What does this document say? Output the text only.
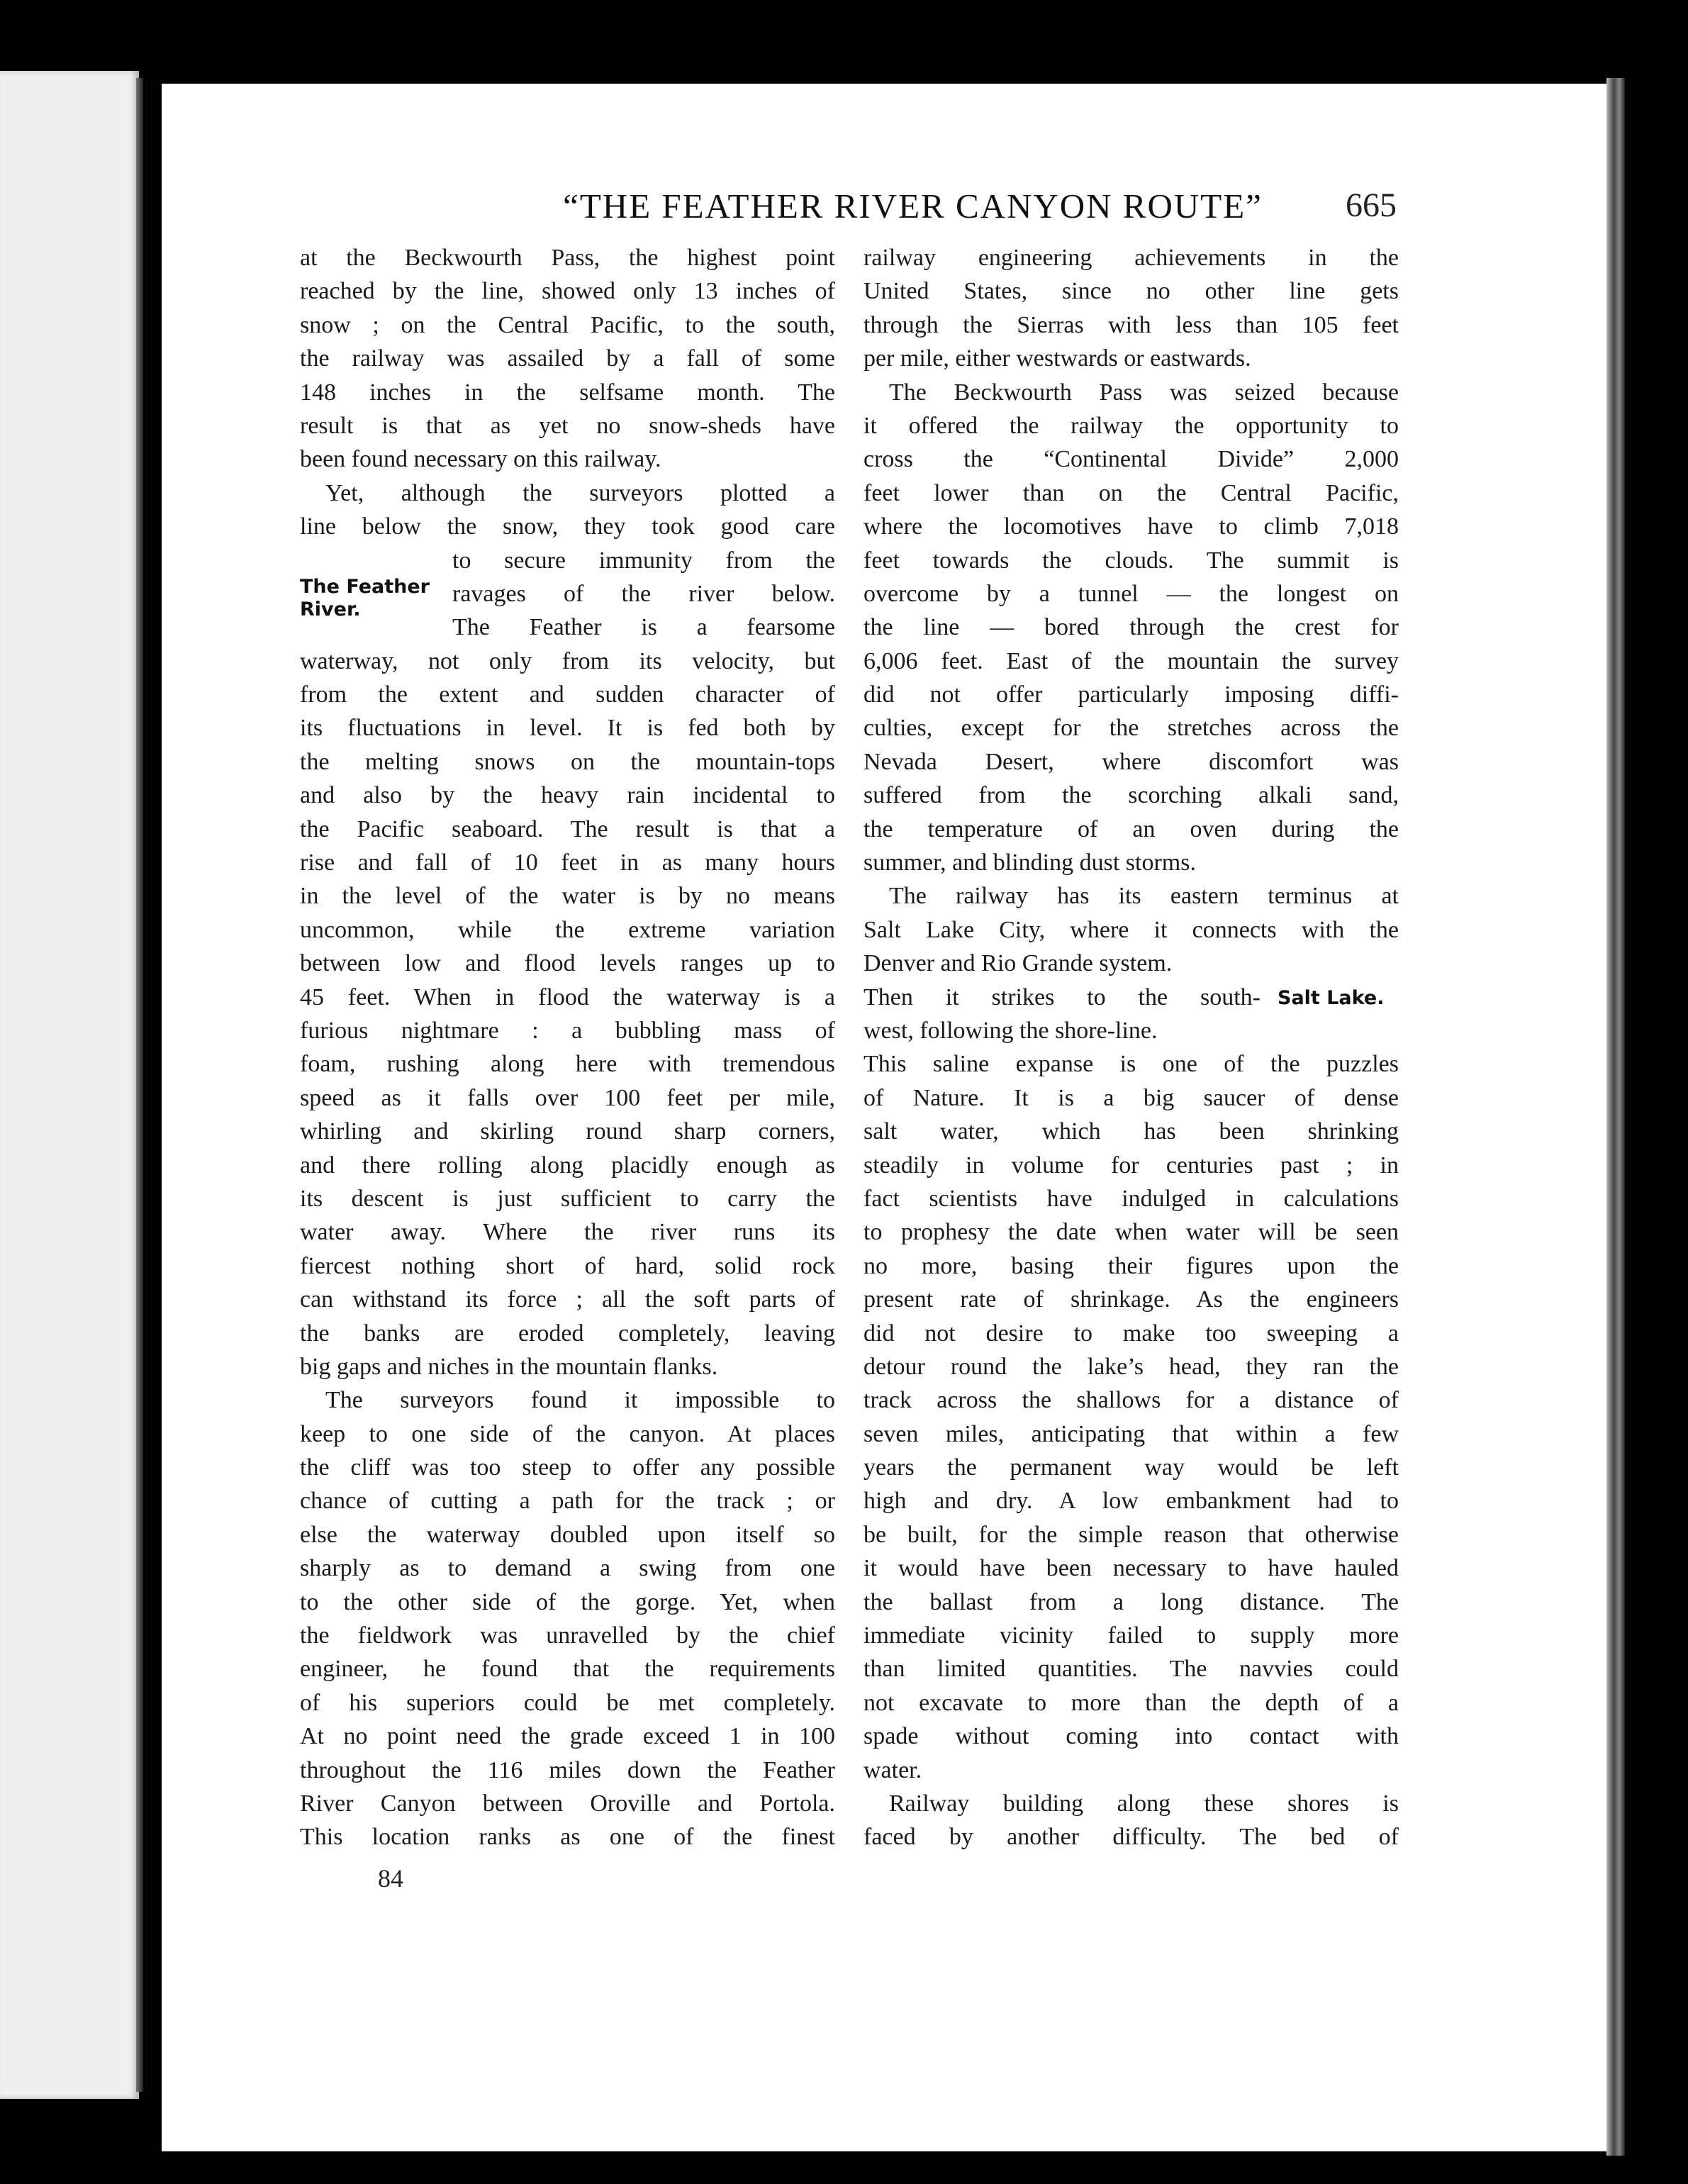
“THE FEATHER RIVER CANYON ROUTE”	665
The Feather River.
Salt Lake.
at the Beckwourth Pass, the highest point
reached by the line, showed only 13 inches of
snow ; on the Central Pacific, to the south,
the railway was assailed by a fall of some
148 inches in the selfsame month. The
result is that as yet no snow-sheds have
been found necessary on this railway.
Yet, although the surveyors plotted a
line below the snow, they took good care
to secure immunity from the
ravages of the river below.
The Feather is a fearsome
waterway, not only from its velocity, but
from the extent and sudden character of
its fluctuations in level. It is fed both by
the melting snows on the mountain-tops
and also by the heavy rain incidental to
the Pacific seaboard. The result is that a
rise and fall of 10 feet in as many hours
in the level of the water is by no means
uncommon, while the extreme variation
between low and flood levels ranges up to
45 feet. When in flood the waterway is a
furious nightmare : a bubbling mass of
foam, rushing along here with tremendous
speed as it falls over 100 feet per mile,
whirling and skirling round sharp corners,
and there rolling along placidly enough as
its descent is just sufficient to carry the
water away. Where the river runs its
fiercest nothing short of hard, solid rock
can withstand its force ; all the soft parts of
the banks are eroded completely, leaving
big gaps and niches in the mountain flanks.
The surveyors found it impossible to
keep to one side of the canyon. At places
the cliff was too steep to offer any possible
chance of cutting a path for the track ; or
else the waterway doubled upon itself so
sharply as to demand a swing from one
to the other side of the gorge. Yet, when
the fieldwork was unravelled by the chief
engineer, he found that the requirements
of his superiors could be met completely.
At no point need the grade exceed 1 in 100
throughout the 116 miles down the Feather
River Canyon between Oroville and Portola.
This location ranks as one of the finest
railway engineering achievements in the
United States, since no other line gets
through the Sierras with less than 105 feet
per mile, either westwards or eastwards.
The Beckwourth Pass was seized because
it offered the railway the opportunity to
cross the “Continental Divide” 2,000
feet lower than on the Central Pacific,
where the locomotives have to climb 7,018
feet towards the clouds. The summit is
overcome by a tunnel — the longest on
the line — bored through the crest for
6,006 feet. East of the mountain the survey
did not offer particularly imposing diffi-
culties, except for the stretches across the
Nevada Desert, where discomfort was
suffered from the scorching alkali sand,
the temperature of an oven during the
summer, and blinding dust storms.
The railway has its eastern terminus at
Salt Lake City, where it connects with the
Denver and Rio Grande system.
Then it strikes to the south-
west, following the shore-line.
This saline expanse is one of the puzzles
of Nature. It is a big saucer of dense
salt water, which has been shrinking
steadily in volume for centuries past ; in
fact scientists have indulged in calculations
to prophesy the date when water will be seen
no more, basing their figures upon the
present rate of shrinkage. As the engineers
did not desire to make too sweeping a
detour round the lake’s head, they ran the
track across the shallows for a distance of
seven miles, anticipating that within a few
years the permanent way would be left
high and dry. A low embankment had to
be built, for the simple reason that otherwise
it would have been necessary to have hauled
the ballast from a long distance. The
immediate vicinity failed to supply more
than limited quantities. The navvies could
not excavate to more than the depth of a
spade without coming into contact with
water.
Railway building along these shores is
faced by another difficulty. The bed of
84
